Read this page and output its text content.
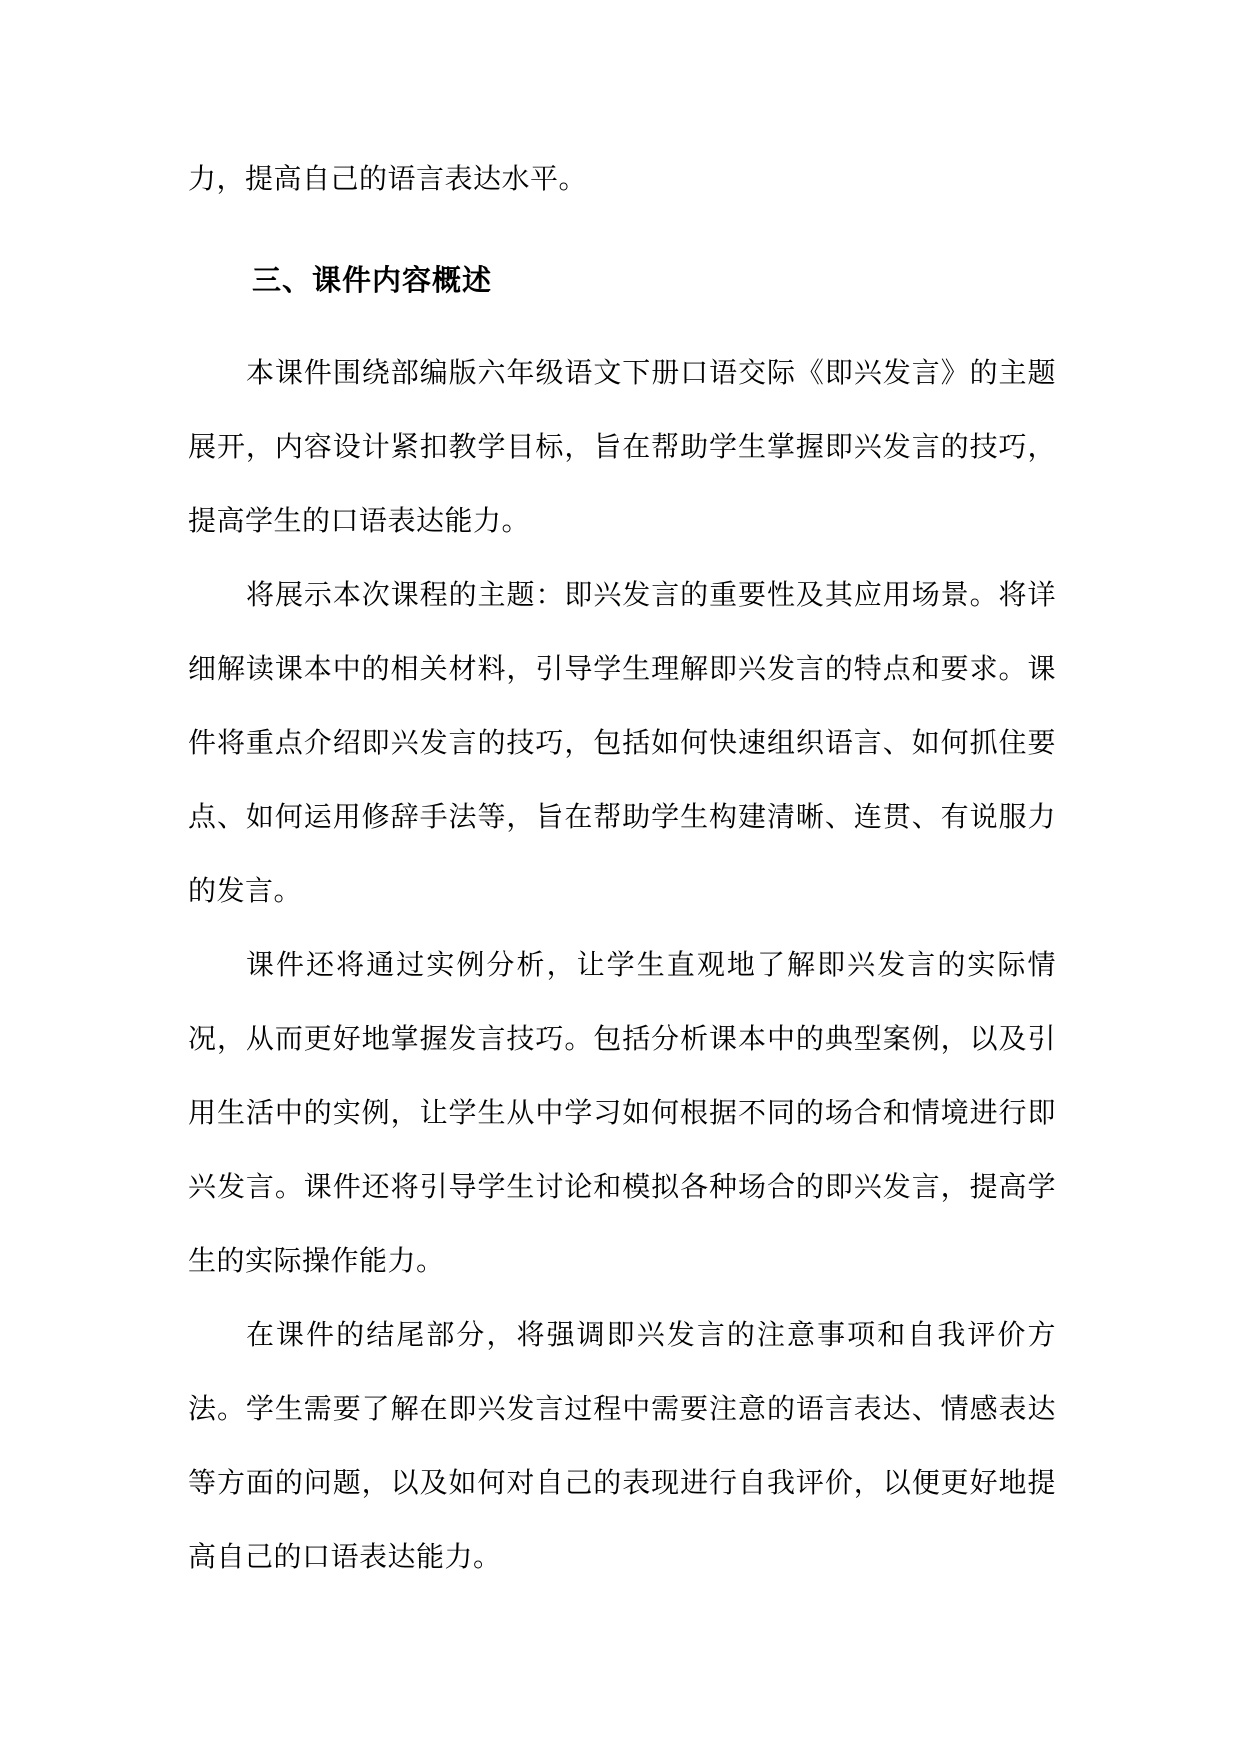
力，提高自己的语言表达水平。

三、课件内容概述

本课件围绕部编版六年级语文下册口语交际《即兴发言》的主题展开，内容设计紧扣教学目标，旨在帮助学生掌握即兴发言的技巧，提高学生的口语表达能力。

将展示本次课程的主题：即兴发言的重要性及其应用场景。将详细解读课本中的相关材料，引导学生理解即兴发言的特点和要求。课件将重点介绍即兴发言的技巧，包括如何快速组织语言、如何抓住要点、如何运用修辞手法等，旨在帮助学生构建清晰、连贯、有说服力的发言。

课件还将通过实例分析，让学生直观地了解即兴发言的实际情况，从而更好地掌握发言技巧。包括分析课本中的典型案例，以及引用生活中的实例，让学生从中学习如何根据不同的场合和情境进行即兴发言。课件还将引导学生讨论和模拟各种场合的即兴发言，提高学生的实际操作能力。

在课件的结尾部分，将强调即兴发言的注意事项和自我评价方法。学生需要了解在即兴发言过程中需要注意的语言表达、情感表达等方面的问题，以及如何对自己的表现进行自我评价，以便更好地提高自己的口语表达能力。
